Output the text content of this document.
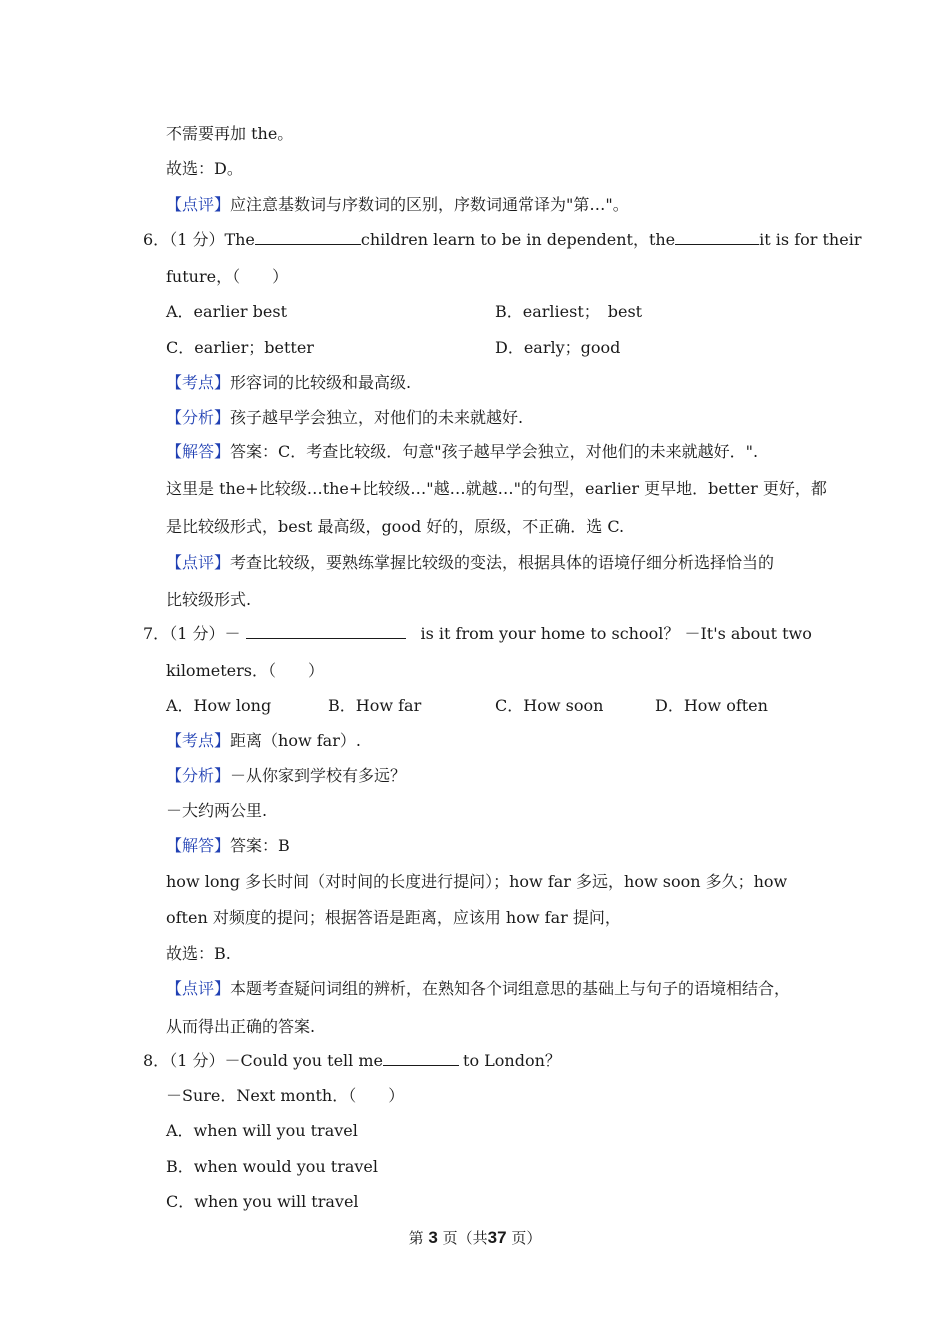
不需要再加 the。
故选：D。
【点评】应注意基数词与序数词的区别，序数词通常译为"第…"。
6．（1 分）The	children learn to be in dependent，the	it is for their
future，（　　）
A．earlier best	B．earliest；　best
C．earlier；better	D．early；good
【考点】形容词的比较级和最高级.
【分析】孩子越早学会独立，对他们的未来就越好.
【解答】答案：C．考查比较级．句意"孩子越早学会独立，对他们的未来就越好．".
这里是 the+比较级…the+比较级…"越…就越…"的句型，earlier 更早地．better 更好，都
是比较级形式，best 最高级，good 好的，原级，不正确．选 C.
【点评】考查比较级，要熟练掌握比较级的变法，根据具体的语境仔细分析选择恰当的
比较级形式.
7．（1 分）－	is it from your home to school？ －It's about two
kilometers．（　　）
A．How long	B．How far	C．How soon	D．How often
【考点】距离（how far）.
【分析】－从你家到学校有多远？
－大约两公里.
【解答】答案：B
how long 多长时间（对时间的长度进行提问）；how far 多远，how soon 多久；how
often 对频度的提问；根据答语是距离，应该用 how far 提问，
故选：B.
【点评】本题考查疑问词组的辨析，在熟知各个词组意思的基础上与句子的语境相结合，
从而得出正确的答案.
8．（1 分）－Could you tell me	to London？
－Sure．Next month．（　　）
A．when will you travel
B．when would you travel
C．when you will travel
第 3 页（共37 页）
